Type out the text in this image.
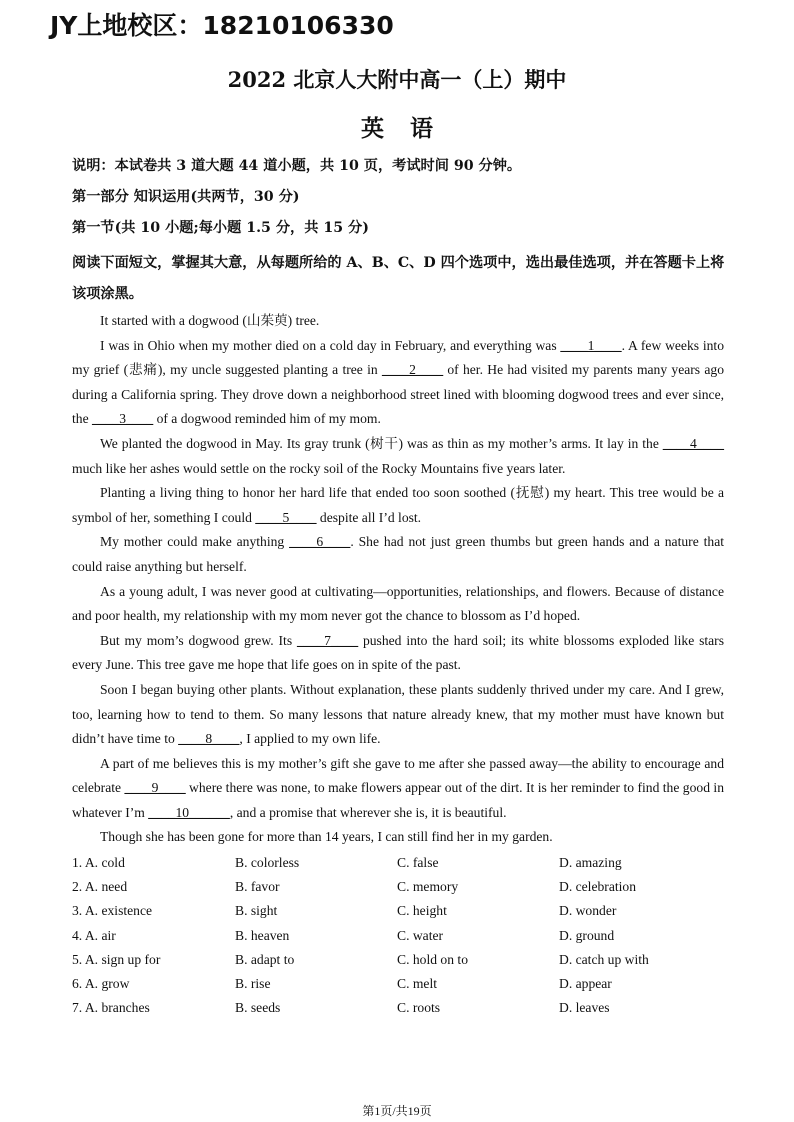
JY上地校区：18210106330
2022 北京人大附中高一（上）期中
英语
说明：本试卷共 3 道大题 44 道小题，共 10 页，考试时间 90 分钟。
第一部分 知识运用(共两节，30 分)
第一节(共 10 小题;每小题 1.5 分，共 15 分)
阅读下面短文，掌握其大意，从每题所给的 A、B、C、D 四个选项中，选出最佳选项，并在答题卡上将该项涂黑。

It started with a dogwood (山茱萸) tree.

I was in Ohio when my mother died on a cold day in February, and everything was ____1____. A few weeks into my grief (悲痛), my uncle suggested planting a tree in ____2____ of her. He had visited my parents many years ago during a California spring. They drove down a neighborhood street lined with blooming dogwood trees and ever since, the ____3____ of a dogwood reminded him of my mom.

We planted the dogwood in May. Its gray trunk (树干) was as thin as my mother’s arms. It lay in the ____4____ much like her ashes would settle on the rocky soil of the Rocky Mountains five years later.

Planting a living thing to honor her hard life that ended too soon soothed (抚慰) my heart. This tree would be a symbol of her, something I could ____5____ despite all I’d lost.

My mother could make anything ____6____. She had not just green thumbs but green hands and a nature that could raise anything but herself.

As a young adult, I was never good at cultivating—opportunities, relationships, and flowers. Because of distance and poor health, my relationship with my mom never got the chance to blossom as I’d hoped.

But my mom’s dogwood grew. Its ____7____ pushed into the hard soil; its white blossoms exploded like stars every June. This tree gave me hope that life goes on in spite of the past.

Soon I began buying other plants. Without explanation, these plants suddenly thrived under my care. And I grew, too, learning how to tend to them. So many lessons that nature already knew, that my mother must have known but didn’t have time to ____8____, I applied to my own life.

A part of me believes this is my mother’s gift she gave to me after she passed away—the ability to encourage and celebrate ____9____ where there was none, to make flowers appear out of the dirt. It is her reminder to find the good in whatever I’m ____10______, and a promise that wherever she is, it is beautiful.

Though she has been gone for more than 14 years, I can still find her in my garden.

1. A. cold	B. colorless	C. false	D. amazing
2. A. need	B. favor	C. memory	D. celebration
3. A. existence	B. sight	C. height	D. wonder
4. A. air	B. heaven	C. water	D. ground
5. A. sign up for	B. adapt to	C. hold on to	D. catch up with
6. A. grow	B. rise	C. melt	D. appear
7. A. branches	B. seeds	C. roots	D. leaves
第1页/共19页
